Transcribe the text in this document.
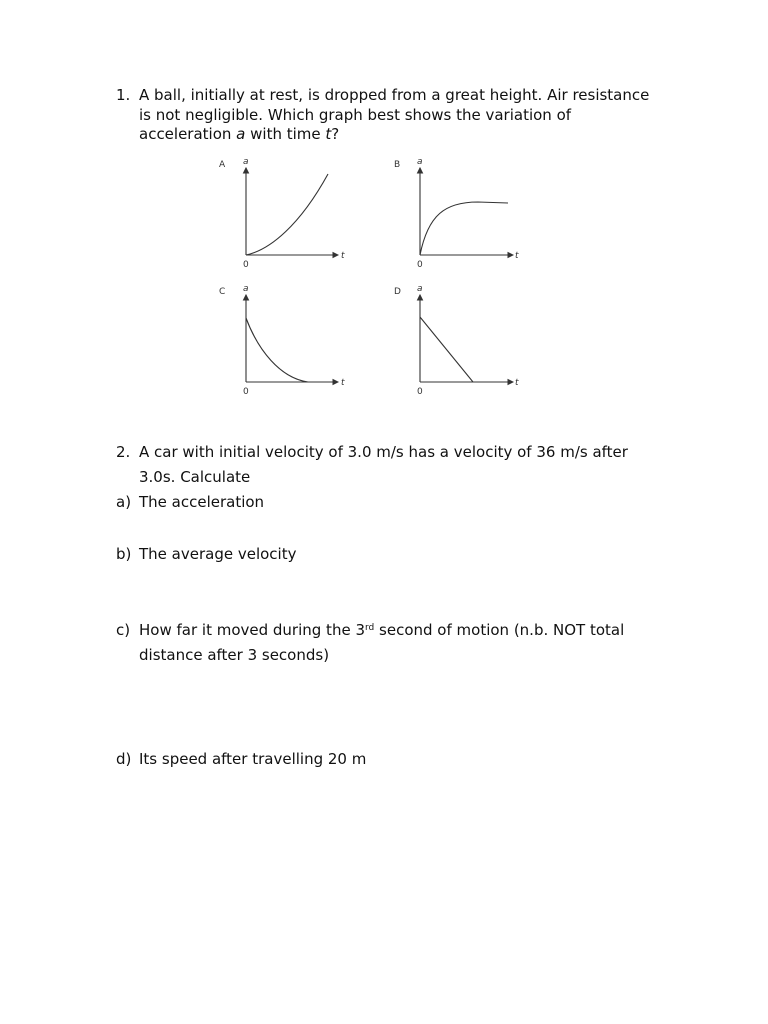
1. A ball, initially at rest, is dropped from a great height. Air resistance
is not negligible. Which graph best shows the variation of
acceleration a with time t?
A a
0
t
B a
0
t
C a
0
t
D a
0
t
2. A car with initial velocity of 3.0 m/s has a velocity of 36 m/s after
3.0s. Calculate
a) The acceleration
b) The average velocity
c) How far it moved during the 3rd second of motion (n.b. NOT total
distance after 3 seconds)
d) Its speed after travelling 20 m
